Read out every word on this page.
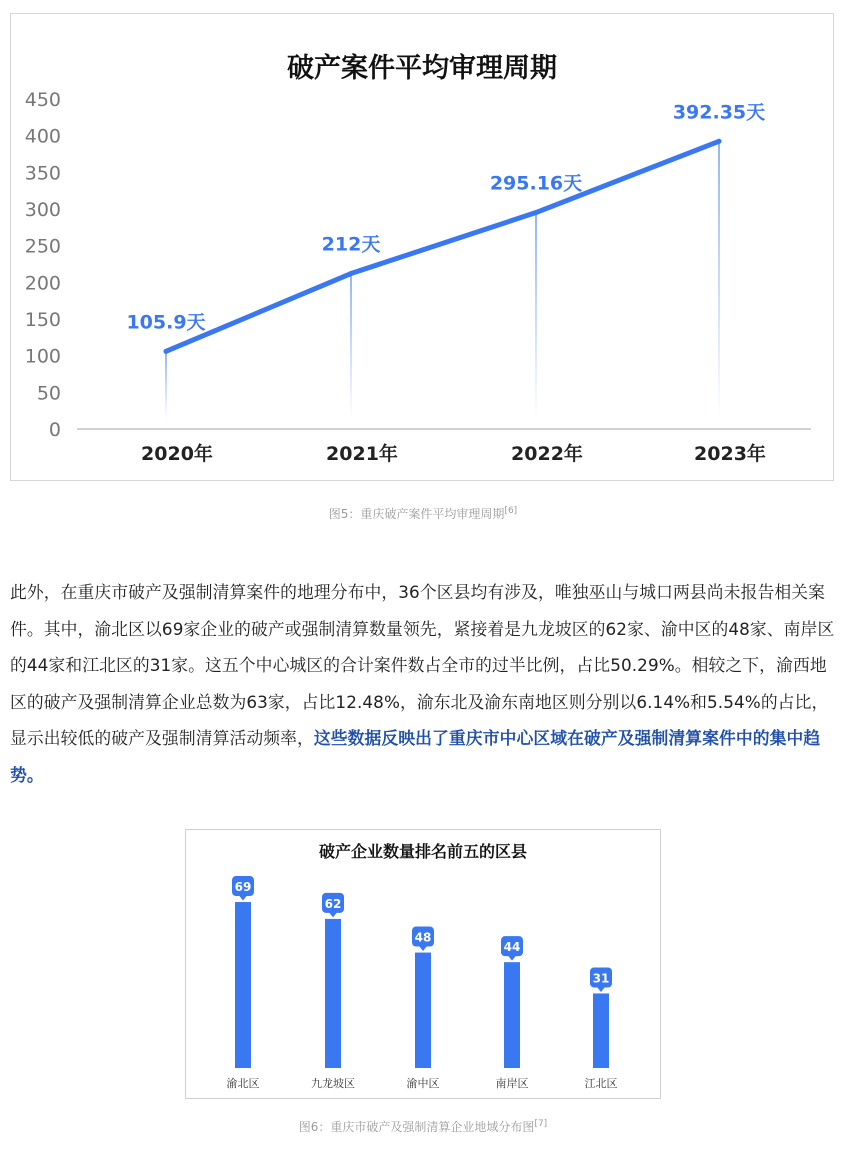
破产案件平均审理周期
0
50
100
150
200
250
300
350
400
450
105.9天
212天
295.16天
392.35天
2020年	2021年	2022年	2023年
图5：重庆破产案件平均审理周期[6]
此外，在重庆市破产及强制清算案件的地理分布中，36个区县均有涉及，唯独巫山与城口两县尚未报告相关案件。其中，渝北区以69家企业的破产或强制清算数量领先，紧接着是九龙坡区的62家、渝中区的48家、南岸区的44家和江北区的31家。这五个中心城区的合计案件数占全市的过半比例，占比50.29%。相较之下，渝西地区的破产及强制清算企业总数为63家，占比12.48%，渝东北及渝东南地区则分别以6.14%和5.54%的占比，显示出较低的破产及强制清算活动频率，这些数据反映出了重庆市中心区域在破产及强制清算案件中的集中趋势。
破产企业数量排名前五的区县
69
渝北区
62
九龙坡区
48
渝中区
44
南岸区
31
江北区
图6：重庆市破产及强制清算企业地域分布图[7]
